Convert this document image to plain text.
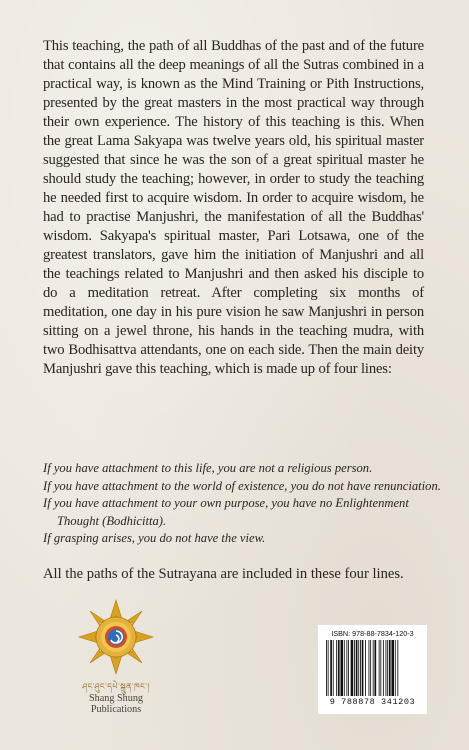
This teaching, the path of all Buddhas of the past and of the future that contains all the deep meanings of all the Sutras combined in a practical way, is known as the Mind Training or Pith Instructions, presented by the great masters in the most practical way through their own experience. The history of this teaching is this. When the great Lama Sakyapa was twelve years old, his spiritual master suggested that since he was the son of a great spiritual master he should study the teaching; however, in order to study the teaching he needed first to acquire wisdom. In order to acquire wisdom, he had to practise Manjushri, the manifestation of all the Buddhas' wisdom. Sakyapa's spiritual master, Pari Lotsawa, one of the greatest translators, gave him the initiation of Manjushri and all the teachings related to Manjushri and then asked his disciple to do a meditation retreat. After completing six months of meditation, one day in his pure vision he saw Manjushri in person sitting on a jewel throne, his hands in the teaching mudra, with two Bodhisattva attendants, one on each side. Then the main deity Manjushri gave this teaching, which is made up of four lines:

If you have attachment to this life, you are not a religious person.

If you have attachment to the world of existence, you do not have renunciation.

If you have attachment to your own purpose, you have no Enlightenment Thought (Bodhicitta).

If grasping arises, you do not have the view.

All the paths of the Sutrayana are included in these four lines.

ཤང་ཤུང་དཔེ་སྐྲུན་ཁང་།
Shang Shung Publications
ISBN: 978-88-7834-120-3
9 788878 341203
